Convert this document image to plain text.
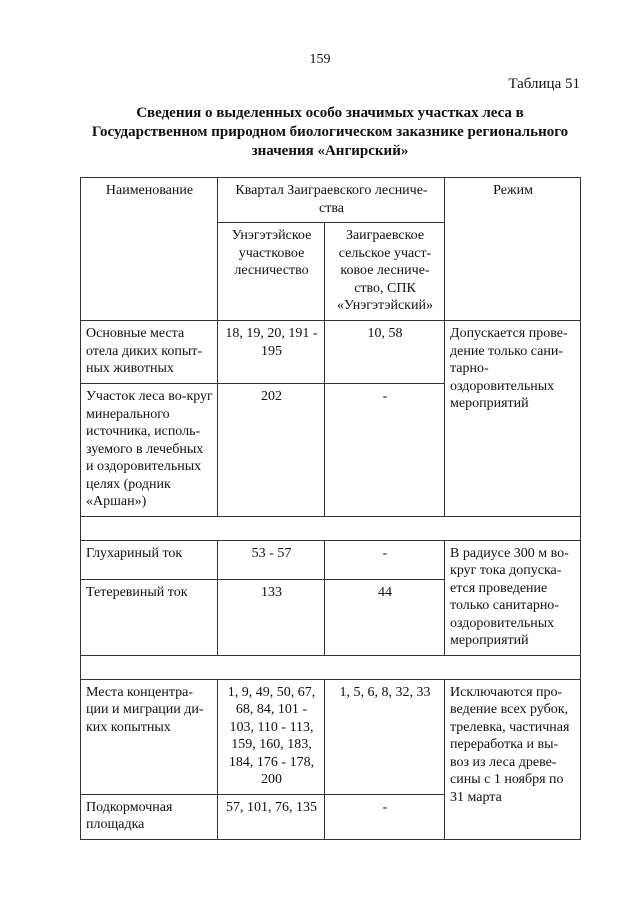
159
Таблица 51
Сведения о выделенных особо значимых участках леса в
Государственном природном биологическом заказнике регионального
значения «Ангирский»
Наименование	Квартал Заиграевского лесниче-ства		Режим
	Унэгэтэйское участковое лесничество	Заиграевское сельское участ-ковое лесниче-ство, СПК «Унэгэтэйский»	
Основные места отела диких копыт-ных животных	18, 19, 20, 191 - 195	10, 58	Допускается прове-дение только сани-тарно-оздоровительных мероприятий
Участок леса во-круг минерального источника, исполь-зуемого в лечебных и оздоровительных целях (родник «Аршан»)	202	-	

Глухариный ток	53 - 57	-	В радиусе 300 м во-круг тока допуска-ется проведение только санитарно-оздоровительных мероприятий
Тетеревиный ток	133	44	

Места концентра-ции и миграции ди-ких копытных	1, 9, 49, 50, 67, 68, 84, 101 - 103, 110 - 113, 159, 160, 183, 184, 176 - 178, 200	1, 5, 6, 8, 32, 33	Исключаются про-ведение всех рубок, трелевка, частичная переработка и вы-воз из леса древе-сины с 1 ноября по 31 марта
Подкормочная площадка	57, 101, 76, 135	-	
